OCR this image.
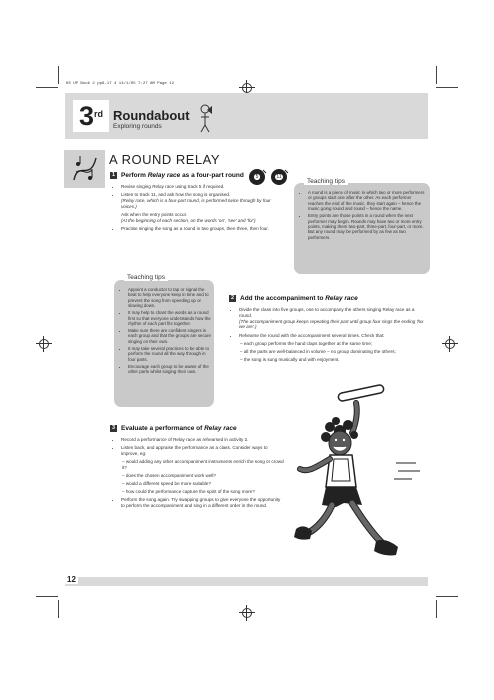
KS UP Book 2 pp6-17 4 14/1/05 7:27 AM Page 12
3rd Roundabout
Exploring rounds
A ROUND RELAY
1 Perform Relay race as a four-part round	5	11
• Revise singing Relay race using track 5 if required.
• Listen to track 11, and ask how the song is organised.
(Relay race, which is a four-part round, is performed twice through by four voices.)
Ask when the entry points occur.
(At the beginning of each section, on the words 'on', 'see' and 'for')
• Practise singing the song as a round in two groups, then three, then four.
Teaching tips
• A round is a piece of music in which two or more performers or groups start one after the other. As each performer reaches the end of the music, they start again – hence the music going round and round – hence the name.
• Entry points are those points in a round when the next performer may begin. Rounds may have two or more entry points, making them two-part, three-part, four-part, or more. But any round may be performed by as few as two performers.
Teaching tips
• Appoint a conductor to tap or signal the beat to help everyone keep in time and to prevent the song from speeding up or slowing down.
• It may help to chant the words as a round first so that everyone understands how the rhythm of each part fits together.
• Make sure there are confident singers in each group and that the groups are secure singing on their own.
• It may take several practices to be able to perform the round all the way through in four parts.
• Encourage each group to be aware of the other parts whilst singing their own.
2 Add the accompaniment to Relay race
• Divide the class into five groups, one to accompany the others singing Relay race as a round.
(The accompaniment group keeps repeating their part until group four sings the ending 'fox we are'.)
• Rehearse the round with the accompaniment several times. Check that:
– each group performs the hand claps together at the same time;
– all the parts are well-balanced in volume – no group dominating the others;
– the song is sung musically and with enjoyment.
3 Evaluate a performance of Relay race
• Record a performance of Relay race as rehearsed in activity 2.
• Listen back, and appraise the performance as a class. Consider ways to improve, eg:
– would adding any other accompaniment instruments enrich the song or crowd it?
– does the chosen accompaniment work well?
– would a different speed be more suitable?
– how could the performance capture the spirit of the song more?
• Perform the song again. Try swapping groups to give everyone the opportunity to perform the accompaniment and sing in a different order in the round.
12
